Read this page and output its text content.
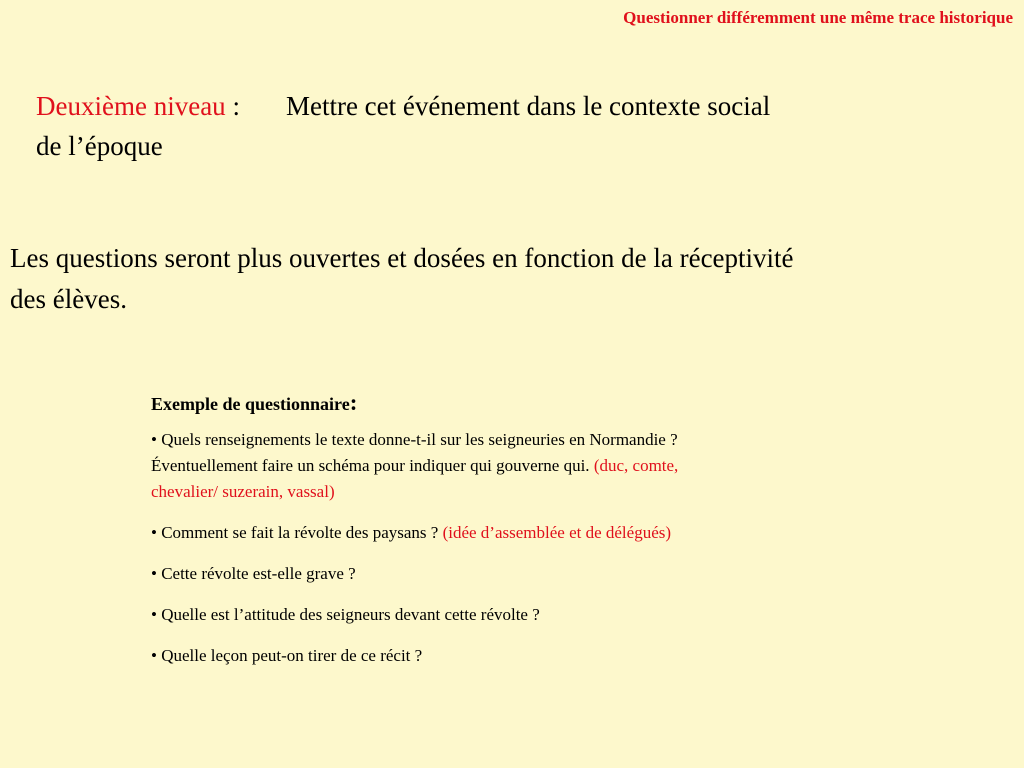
Questionner différemment une même trace historique
Deuxième niveau : Mettre cet événement dans le contexte social
de l’époque
Les questions seront plus ouvertes et dosées en fonction de la réceptivité
des élèves.
Exemple de questionnaire:
• Quels renseignements le texte donne-t-il sur les seigneuries en Normandie ?
Éventuellement faire un schéma pour indiquer qui gouverne qui. (duc, comte,
chevalier/ suzerain, vassal)
• Comment se fait la révolte des paysans ? (idée d’assemblée et de délégués)
• Cette révolte est-elle grave ?
• Quelle est l’attitude des seigneurs devant cette révolte ?
• Quelle leçon peut-on tirer de ce récit ?
